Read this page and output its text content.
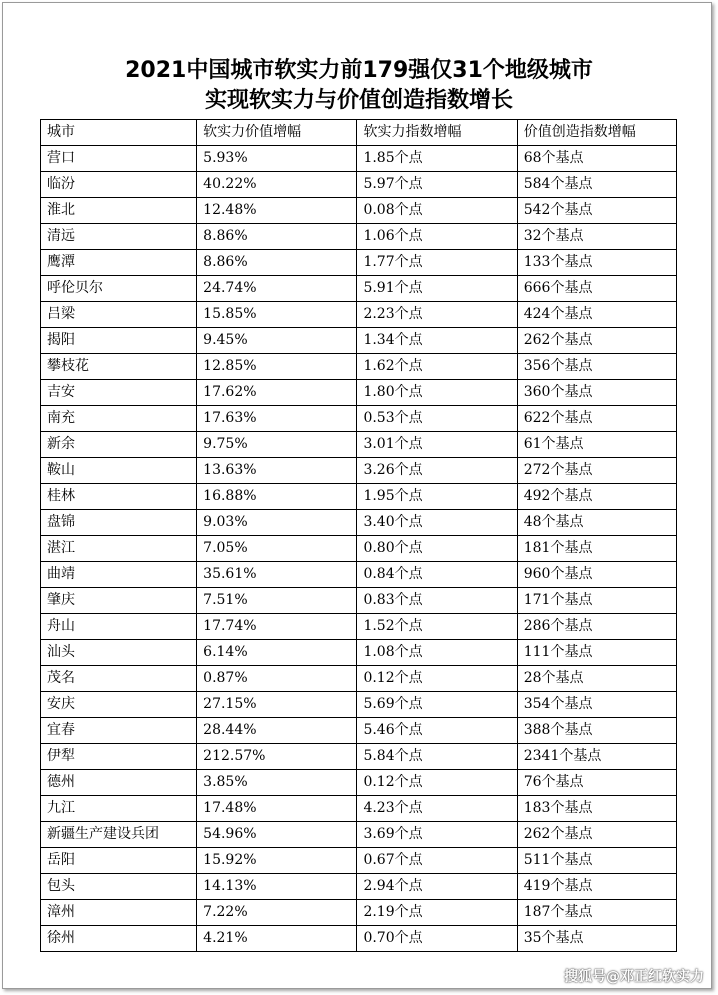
2021中国城市软实力前179强仅31个地级城市
实现软实力与价值创造指数增长
城市	软实力价值增幅	软实力指数增幅	价值创造指数增幅
营口	5.93%	1.85个点	68个基点
临汾	40.22%	5.97个点	584个基点
淮北	12.48%	0.08个点	542个基点
清远	8.86%	1.06个点	32个基点
鹰潭	8.86%	1.77个点	133个基点
呼伦贝尔	24.74%	5.91个点	666个基点
吕梁	15.85%	2.23个点	424个基点
揭阳	9.45%	1.34个点	262个基点
攀枝花	12.85%	1.62个点	356个基点
吉安	17.62%	1.80个点	360个基点
南充	17.63%	0.53个点	622个基点
新余	9.75%	3.01个点	61个基点
鞍山	13.63%	3.26个点	272个基点
桂林	16.88%	1.95个点	492个基点
盘锦	9.03%	3.40个点	48个基点
湛江	7.05%	0.80个点	181个基点
曲靖	35.61%	0.84个点	960个基点
肇庆	7.51%	0.83个点	171个基点
舟山	17.74%	1.52个点	286个基点
汕头	6.14%	1.08个点	111个基点
茂名	0.87%	0.12个点	28个基点
安庆	27.15%	5.69个点	354个基点
宜春	28.44%	5.46个点	388个基点
伊犁	212.57%	5.84个点	2341个基点
德州	3.85%	0.12个点	76个基点
九江	17.48%	4.23个点	183个基点
新疆生产建设兵团	54.96%	3.69个点	262个基点
岳阳	15.92%	0.67个点	511个基点
包头	14.13%	2.94个点	419个基点
漳州	7.22%	2.19个点	187个基点
徐州	4.21%	0.70个点	35个基点
搜狐号@邓正红软实力
